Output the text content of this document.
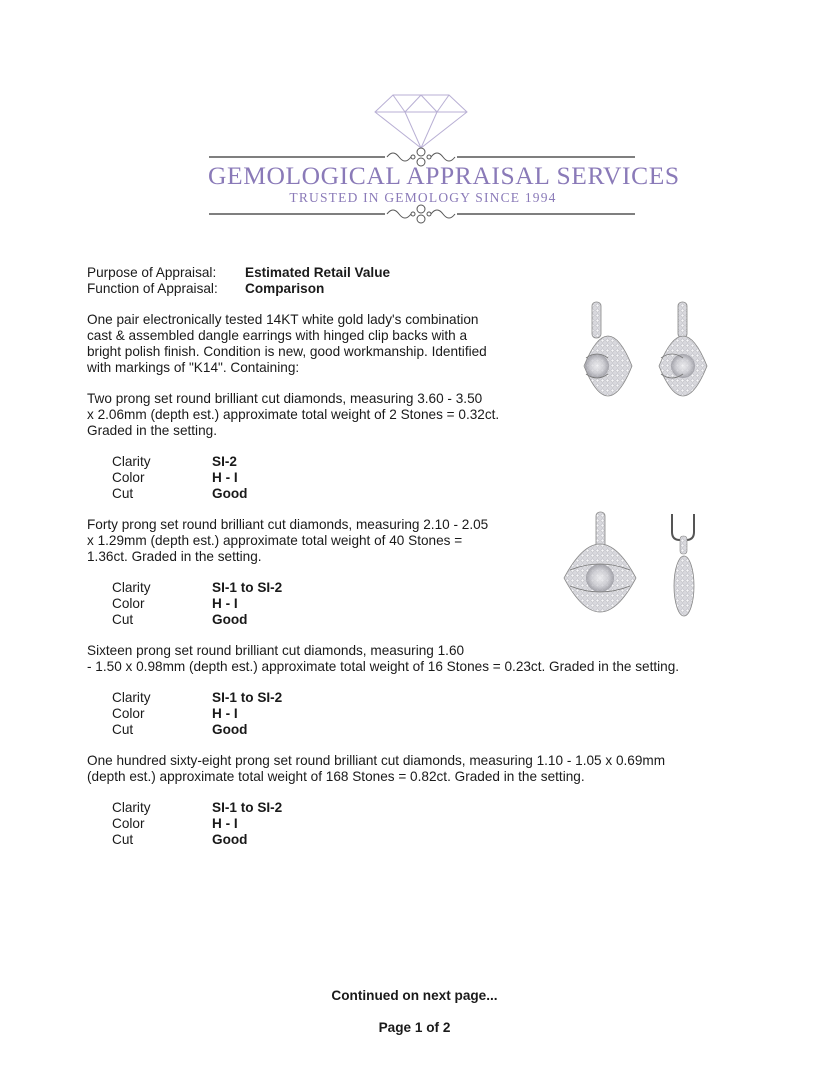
GEMOLOGICAL APPRAISAL SERVICES
TRUSTED IN GEMOLOGY SINCE 1994
Purpose of Appraisal: Estimated Retail Value
Function of Appraisal: Comparison
One pair electronically tested 14KT white gold lady's combination
cast & assembled dangle earrings with hinged clip backs with a
bright polish finish. Condition is new, good workmanship. Identified
with markings of "K14". Containing:
Two prong set round brilliant cut diamonds, measuring 3.60 - 3.50
x 2.06mm (depth est.) approximate total weight of 2 Stones = 0.32ct.
Graded in the setting.
Clarity	SI-2
Color	H - I
Cut	Good
Forty prong set round brilliant cut diamonds, measuring 2.10 - 2.05
x 1.29mm (depth est.) approximate total weight of 40 Stones =
1.36ct. Graded in the setting.
Clarity	SI-1 to SI-2
Color	H - I
Cut	Good
Sixteen prong set round brilliant cut diamonds, measuring 1.60
- 1.50 x 0.98mm (depth est.) approximate total weight of 16 Stones = 0.23ct. Graded in the setting.
Clarity	SI-1 to SI-2
Color	H - I
Cut	Good
One hundred sixty-eight prong set round brilliant cut diamonds, measuring 1.10 - 1.05 x 0.69mm
(depth est.) approximate total weight of 168 Stones = 0.82ct. Graded in the setting.
Clarity	SI-1 to SI-2
Color	H - I
Cut	Good
Continued on next page...
Page 1 of 2
